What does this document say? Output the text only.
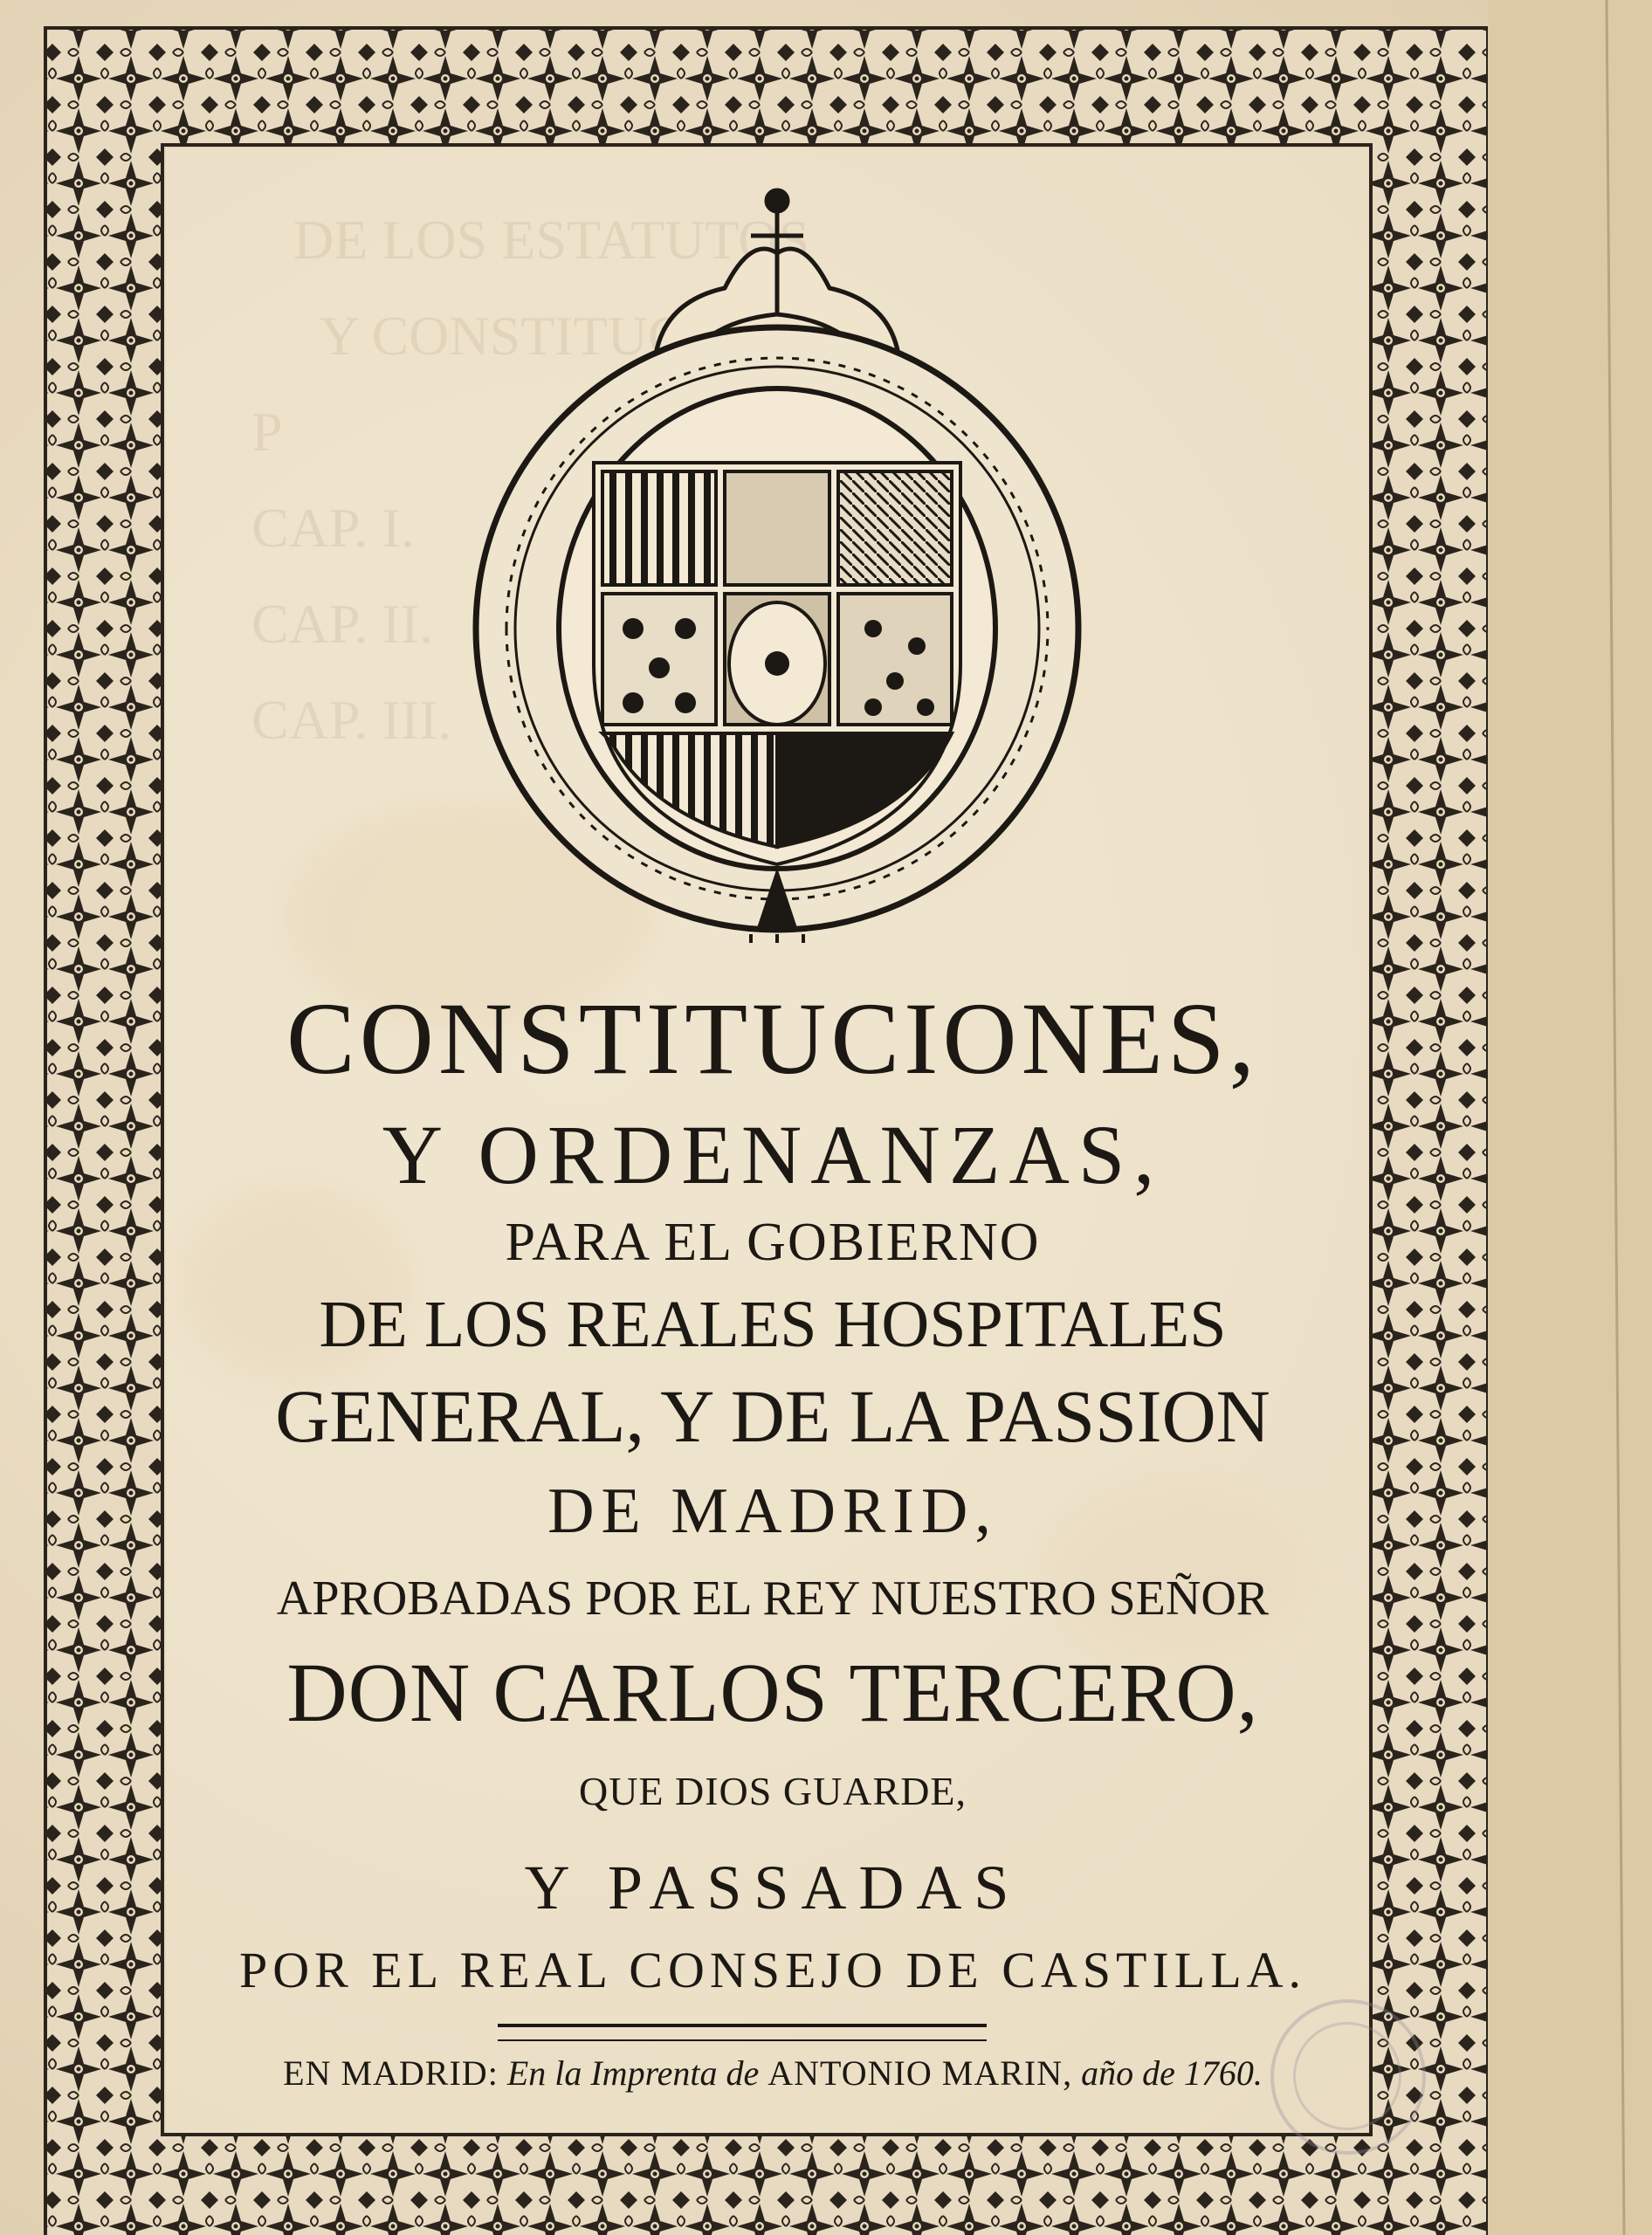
CONSTITUCIONES,
Y ORDENANZAS,
PARA EL GOBIERNO
DE LOS REALES HOSPITALES
GENERAL, Y DE LA PASSION
DE MADRID,
APROBADAS POR EL REY NUESTRO SEÑOR
DON CARLOS TERCERO,
QUE DIOS GUARDE,
Y PASSADAS
POR EL REAL CONSEJO DE CASTILLA.
EN MADRID: En la Imprenta de ANTONIO MARIN, año de 1760.
